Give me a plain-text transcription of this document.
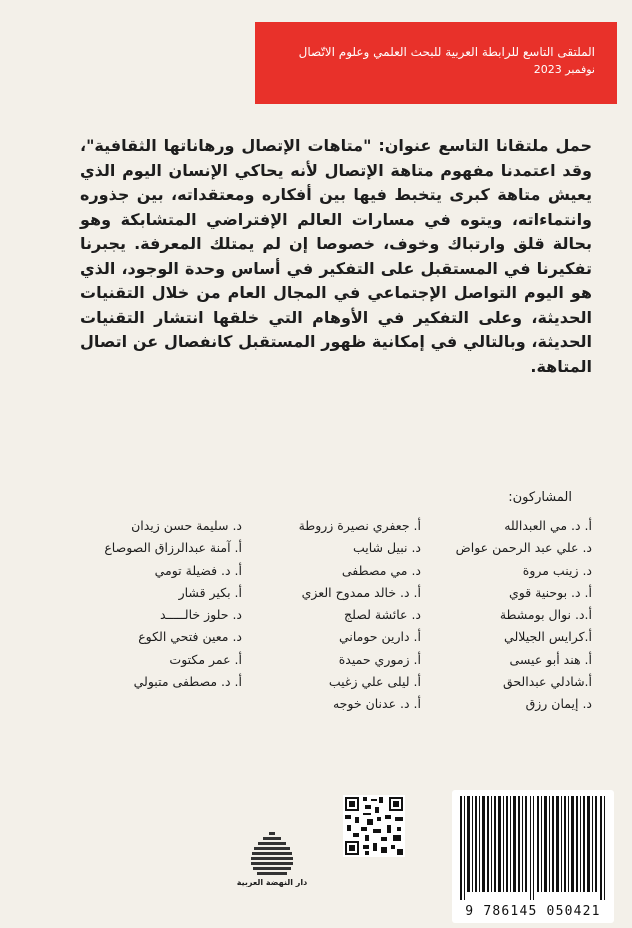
الملتقى التاسع للرابطة العربية للبحث العلمي وعلوم الاتّصال

نوفمبر 2023

حمل ملتقانا التاسع عنوان: "متاهات الإتصال ورهاناتها الثقافية"، وقد اعتمدنا مفهوم متاهة الإتصال لأنه يحاكي الإنسان اليوم الذي يعيش متاهة كبرى يتخبط فيها بين أفكاره ومعتقداته، بين جذوره وانتماءاته، ويتوه في مسارات العالم الإفتراضي المتشابكة وهو بحالة قلق وارتباك وخوف، خصوصا إن لم يمتلك المعرفة. يجبرنا تفكيرنا في المستقبل على التفكير في أساس وحدة الوجود، الذي هو اليوم التواصل الإجتماعي في المجال العام من خلال التقنيات الحديثة، وعلى التفكير في الأوهام التي خلقها انتشار التقنيات الحديثة، وبالتالي في إمكانية ظهور المستقبل كانفصال عن اتصال المتاهة.

المشاركون:

أ. د. مي العبدالله
د. علي عبد الرحمن عواض
د. زينب مروة
أ. د. بوحنية قوي
أ.د. نوال بومشطة
أ.كرايس الجيلالي
أ. هند أبو عيسى
أ.شادلي عبدالحق
د. إيمان رزق
أ. جعفري نصيرة زروطة
د. نبيل شايب
د. مي مصطفى
أ. د. خالد ممدوح العزي
د. عائشة لصلج
أ. دارين حوماني
أ. زموري حميدة
أ. ليلى علي زغيب
أ. د. عدنان خوجه
د. سليمة حسن زيدان
أ. آمنة عبدالرزاق الصوصاع
أ. د. فضيلة تومي
أ. بكير قشار
د. حلوز خالـــــد
د. معين فتحي الكوع
أ. عمر مكتوت
أ. د. مصطفى متبولي

دار النهضة العربية

9 786145 050421
